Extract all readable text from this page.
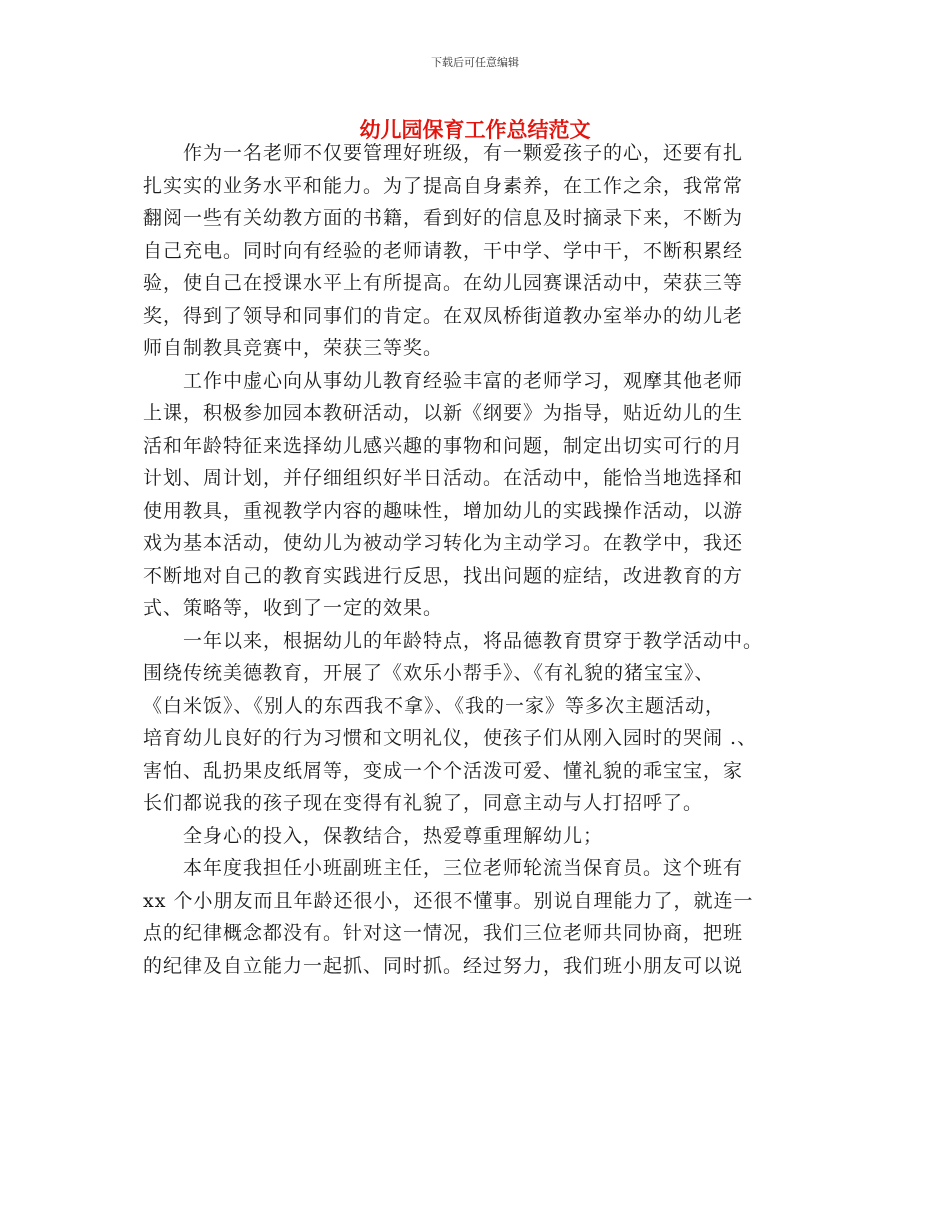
下载后可任意编辑
幼儿园保育工作总结范文
　　作为一名老师不仅要管理好班级，有一颗爱孩子的心，还要有扎
扎实实的业务水平和能力。为了提高自身素养，在工作之余，我常常
翻阅一些有关幼教方面的书籍，看到好的信息及时摘录下来，不断为
自己充电。同时向有经验的老师请教，干中学、学中干，不断积累经
验，使自己在授课水平上有所提高。在幼儿园赛课活动中，荣获三等
奖，得到了领导和同事们的肯定。在双凤桥街道教办室举办的幼儿老
师自制教具竞赛中，荣获三等奖。
　　工作中虚心向从事幼儿教育经验丰富的老师学习，观摩其他老师
上课，积极参加园本教研活动，以新《纲要》为指导，贴近幼儿的生
活和年龄特征来选择幼儿感兴趣的事物和问题，制定出切实可行的月
计划、周计划，并仔细组织好半日活动。在活动中，能恰当地选择和
使用教具，重视教学内容的趣味性，增加幼儿的实践操作活动，以游
戏为基本活动，使幼儿为被动学习转化为主动学习。在教学中，我还
不断地对自己的教育实践进行反思，找出问题的症结，改进教育的方
式、策略等，收到了一定的效果。
　　一年以来，根据幼儿的年龄特点，将品德教育贯穿于教学活动中。
围绕传统美德教育，开展了《欢乐小帮手》、《有礼貌的猪宝宝》、
《白米饭》、《别人的东西我不拿》、《我的一家》等多次主题活动，
培育幼儿良好的行为习惯和文明礼仪，使孩子们从刚入园时的哭闹 .、
害怕、乱扔果皮纸屑等，变成一个个活泼可爱、懂礼貌的乖宝宝，家
长们都说我的孩子现在变得有礼貌了，同意主动与人打招呼了。
　　全身心的投入，保教结合，热爱尊重理解幼儿；
　　本年度我担任小班副班主任，三位老师轮流当保育员。这个班有
xx 个小朋友而且年龄还很小，还很不懂事。别说自理能力了，就连一
点的纪律概念都没有。针对这一情况，我们三位老师共同协商，把班
的纪律及自立能力一起抓、同时抓。经过努力，我们班小朋友可以说
